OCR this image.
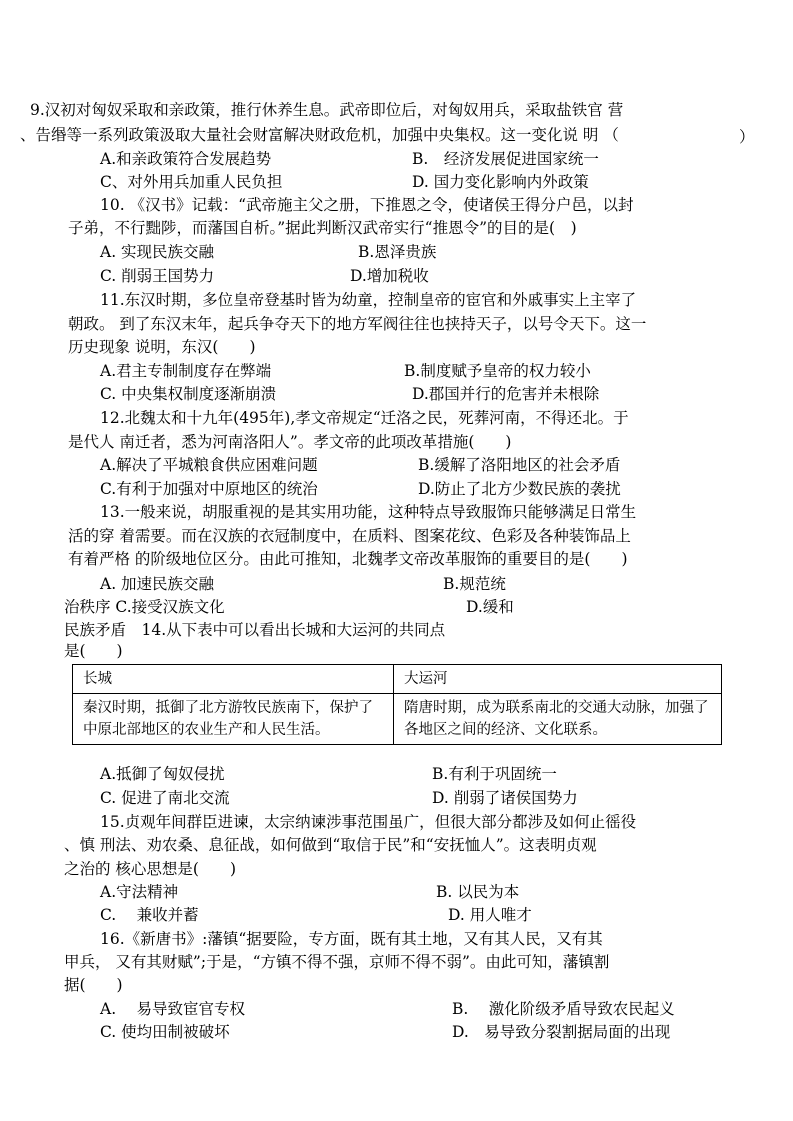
9.汉初对匈奴采取和亲政策，推行休养生息。武帝即位后，对匈奴用兵，采取盐铁官 营
、告缗等一系列政策汲取大量社会财富解决财政危机，加强中央集权。这一变化说 明 （	）
A.和亲政策符合发展趋势	B.　经济发展促进国家统一
C、对外用兵加重人民负担	D. 国力变化影响内外政策
10. 《汉书》记载：“武帝施主父之册，下推恩之令，使诸侯王得分户邑，以封
子弟，不行黜陟，而藩国自析。”据此判断汉武帝实行“推恩令”的目的是(　)
A. 实现民族交融	B.恩泽贵族
C. 削弱王国势力	D.增加税收
11.东汉时期，多位皇帝登基时皆为幼童，控制皇帝的宦官和外戚事实上主宰了
朝政。 到了东汉末年，起兵争夺天下的地方军阀往往也挟持天子，以号令天下。这一
历史现象 说明，东汉(　　)
A.君主专制制度存在弊端	B.制度赋予皇帝的权力较小
C. 中央集权制度逐渐崩溃	D.郡国并行的危害并未根除
12.北魏太和十九年(495年),孝文帝规定“迁洛之民，死葬河南，不得还北。于
是代人 南迁者，悉为河南洛阳人”。孝文帝的此项改革措施(　　)
A.解决了平城粮食供应困难问题	B.缓解了洛阳地区的社会矛盾
C.有利于加强对中原地区的统治	D.防止了北方少数民族的袭扰
13.一般来说，胡服重视的是其实用功能，这种特点导致服饰只能够满足日常生
活的穿 着需要。而在汉族的衣冠制度中，在质料、图案花纹、色彩及各种装饰品上
有着严格 的阶级地位区分。由此可推知，北魏孝文帝改革服饰的重要目的是(　　)
A. 加速民族交融	B.规范统
治秩序 C.接受汉族文化	D.缓和
民族矛盾　14.从下表中可以看出长城和大运河的共同点
是(　　)
长城	大运河
秦汉时期，抵御了北方游牧民族南下，保护了中原北部地区的农业生产和人民生活。	隋唐时期，成为联系南北的交通大动脉，加强了各地区之间的经济、文化联系。
A.抵御了匈奴侵扰	B.有利于巩固统一
C. 促进了南北交流	D. 削弱了诸侯国势力
15.贞观年间群臣进谏，太宗纳谏涉事范围虽广，但很大部分都涉及如何止徭役
、慎 刑法、劝农桑、息征战，如何做到“取信于民”和“安抚恤人”。这表明贞观
之治的 核心思想是(　　)
A.守法精神	B. 以民为本
C.　 兼收并蓄	D. 用人唯才
16.《新唐书》:藩镇“据要险，专方面，既有其土地，又有其人民，又有其
甲兵， 又有其财赋”;于是，“方镇不得不强，京师不得不弱”。由此可知，藩镇割
据(　　)
A.　 易导致宦官专权	B.　 激化阶级矛盾导致农民起义
C. 使均田制被破坏	D.　易导致分裂割据局面的出现
